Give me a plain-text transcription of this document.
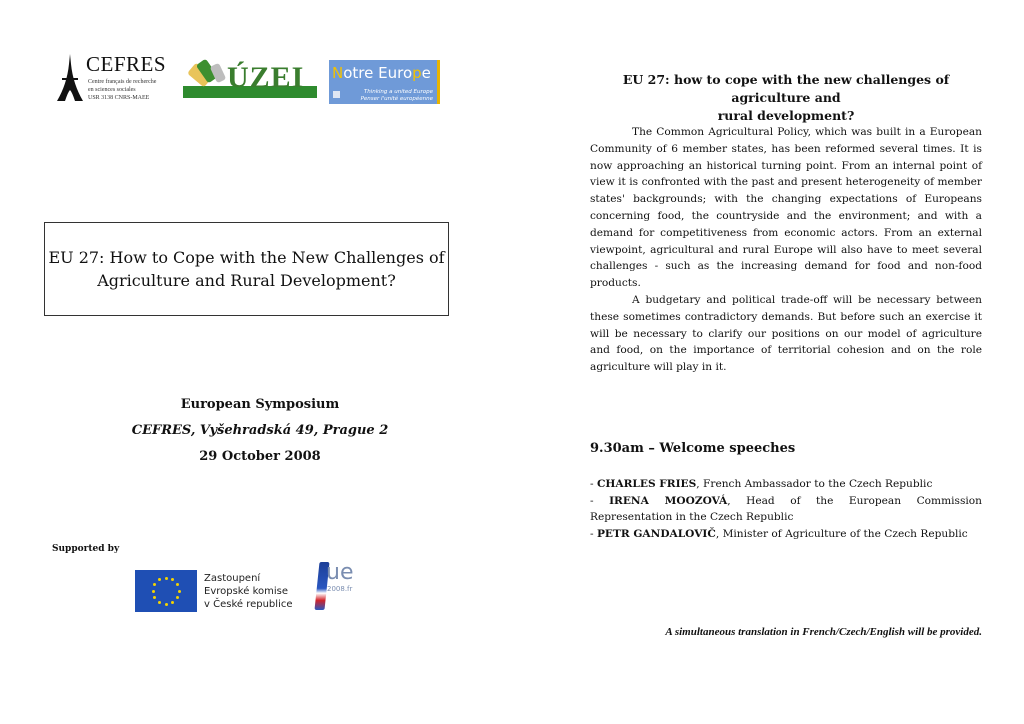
CEFRES
Centre français de recherche
en sciences sociales
USR 3138 CNRS-MAEE
ÚZEI Notre Europe
Thinking a united Europe
Penser l'unité européenne
EU 27: How to Cope with the New Challenges of
Agriculture and Rural Development?
European Symposium
CEFRES, Vyšehradská 49, Prague 2
29 October 2008
Supported by
Zastoupení
Evropské komise
v České republice
ue
2008.fr
EU 27: how to cope with the new challenges of agriculture and
rural development?
The Common Agricultural Policy, which was built in a European Community of 6 member states, has been reformed several times. It is now approaching an historical turning point. From an internal point of view it is confronted with the past and present heterogeneity of member states' backgrounds; with the changing expectations of Europeans concerning food, the countryside and the environment; and with a demand for competitiveness from economic actors. From an external viewpoint, agricultural and rural Europe will also have to meet several challenges - such as the increasing demand for food and non-food products.
A budgetary and political trade-off will be necessary between these sometimes contradictory demands. But before such an exercise it will be necessary to clarify our positions on our model of agriculture and food, on the importance of territorial cohesion and on the role agriculture will play in it.
9.30am – Welcome speeches
- CHARLES FRIES, French Ambassador to the Czech Republic
- IRENA MOOZOVÁ, Head of the European Commission
Representation in the Czech Republic
- PETR GANDALOVIČ, Minister of Agriculture of the Czech Republic
A simultaneous translation in French/Czech/English will be provided.
